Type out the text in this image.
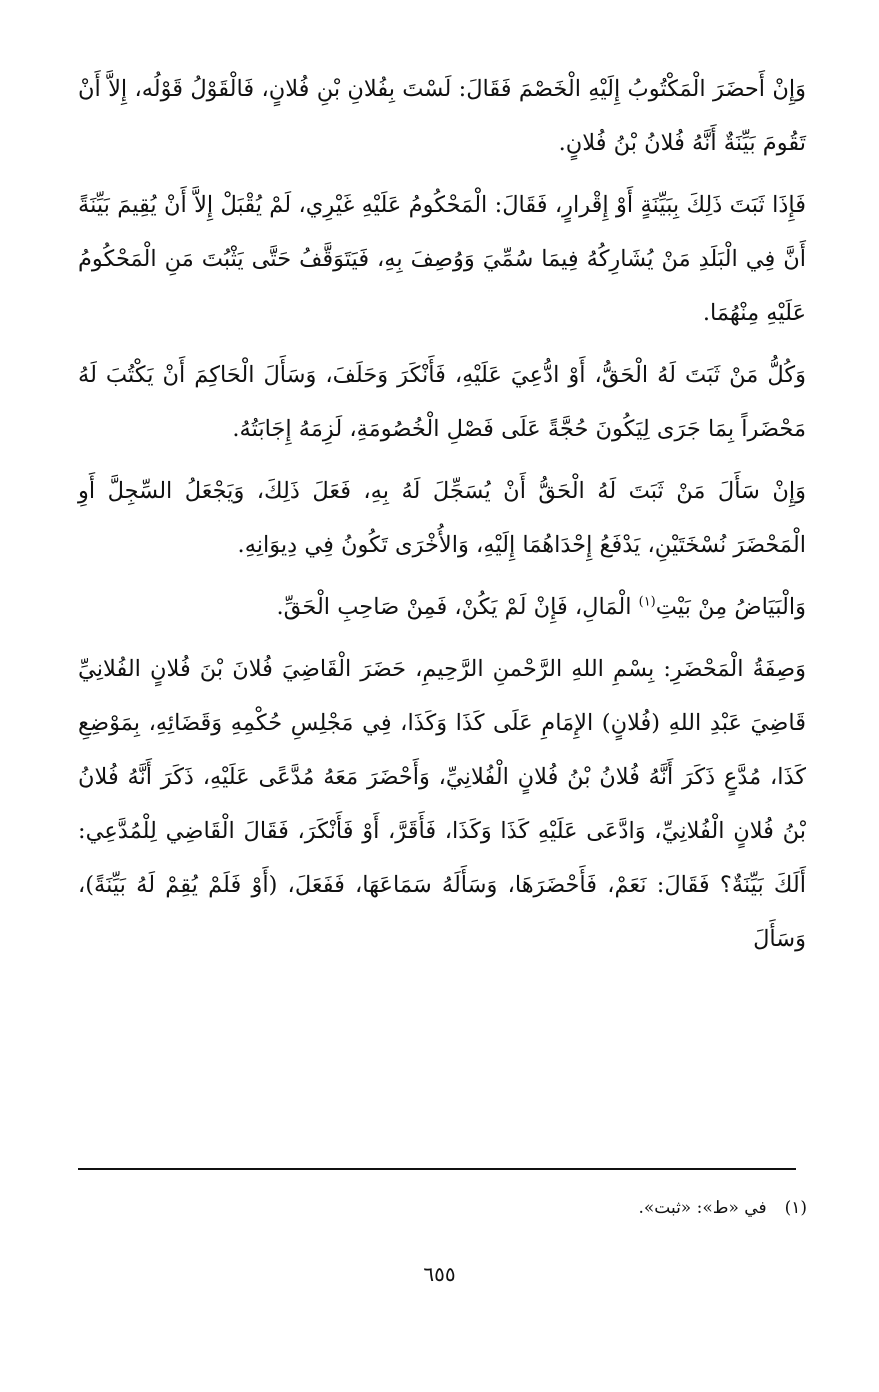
وَإِنْ أَحضَرَ الْمَكْتُوبُ إِلَيْهِ الْخَصْمَ فَقَالَ: لَسْتَ بِفُلانِ بْنِ فُلانٍ، فَالْقَوْلُ قَوْلُه، إِلاَّ أَنْ تَقُومَ بَيِّنَةٌ أَنَّهُ فُلانُ بْنُ فُلانٍ.

فَإِذَا ثَبَتَ ذَلِكَ بِبَيِّنَةٍ أَوْ إِقْرارٍ، فَقَالَ: الْمَحْكُومُ عَلَيْهِ غَيْرِي، لَمْ يُقْبَلْ إِلاَّ أَنْ يُقِيمَ بَيِّنَةً أَنَّ فِي الْبَلَدِ مَنْ يُشَارِكُهُ فِيمَا سُمِّيَ وَوُصِفَ بِهِ، فَيَتَوَقَّفُ حَتَّى يَثْبُتَ مَنِ الْمَحْكُومُ عَلَيْهِ مِنْهُمَا.

وَكُلُّ مَنْ ثَبَتَ لَهُ الْحَقُّ، أَوْ ادُّعِيَ عَلَيْهِ، فَأَنْكَرَ وَحَلَفَ، وَسَأَلَ الْحَاكِمَ أَنْ يَكْتُبَ لَهُ مَحْضَراً بِمَا جَرَى لِيَكُونَ حُجَّةً عَلَى فَصْلِ الْخُصُومَةِ، لَزِمَهُ إِجَابَتُهُ.

وَإِنْ سَأَلَ مَنْ ثَبَتَ لَهُ الْحَقُّ أَنْ يُسَجِّلَ لَهُ بِهِ، فَعَلَ ذَلِكَ، وَيَجْعَلُ السِّجِلَّ أَوِ الْمَحْضَرَ نُسْخَتَيْنِ، يَدْفَعُ إِحْدَاهُمَا إِلَيْهِ، وَالأُخْرَى تَكُونُ فِي دِيوَانِهِ.

وَالْبَيَاضُ مِنْ بَيْتِ$^{(١)}$ الْمَالِ، فَإِنْ لَمْ يَكُنْ، فَمِنْ صَاحِبِ الْحَقِّ.

وَصِفَةُ الْمَحْضَرِ: بِسْمِ اللهِ الرَّحْمنِ الرَّحِيمِ، حَضَرَ الْقَاضِيَ فُلانَ بْنَ فُلانٍ الفُلانِيِّ قَاضِيَ عَبْدِ اللهِ (فُلانٍ) الإِمَامِ عَلَى كَذَا وَكَذَا، فِي مَجْلِسِ حُكْمِهِ وَقَضَائِهِ، بِمَوْضِعِ كَذَا، مُدَّعٍ ذَكَرَ أَنَّهُ فُلانُ بْنُ فُلانٍ الْفُلانِيِّ، وَأَحْضَرَ مَعَهُ مُدَّعًى عَلَيْهِ، ذَكَرَ أَنَّهُ فُلانُ بْنُ فُلانٍ الْفُلانِيِّ، وَادَّعَى عَلَيْهِ كَذَا وَكَذَا، فَأَقَرَّ، أَوْ فَأَنْكَرَ، فَقَالَ الْقَاضِي لِلْمُدَّعِي: أَلَكَ بَيِّنَةٌ؟ فَقَالَ: نَعَمْ، فَأَحْضَرَهَا، وَسَأَلَهُ سَمَاعَهَا، فَفَعَلَ، (أَوْ فَلَمْ يُقِمْ لَهُ بَيِّنَةً)، وَسَأَلَ

(١)في «ط»: «ثبت».
٦٥٥
